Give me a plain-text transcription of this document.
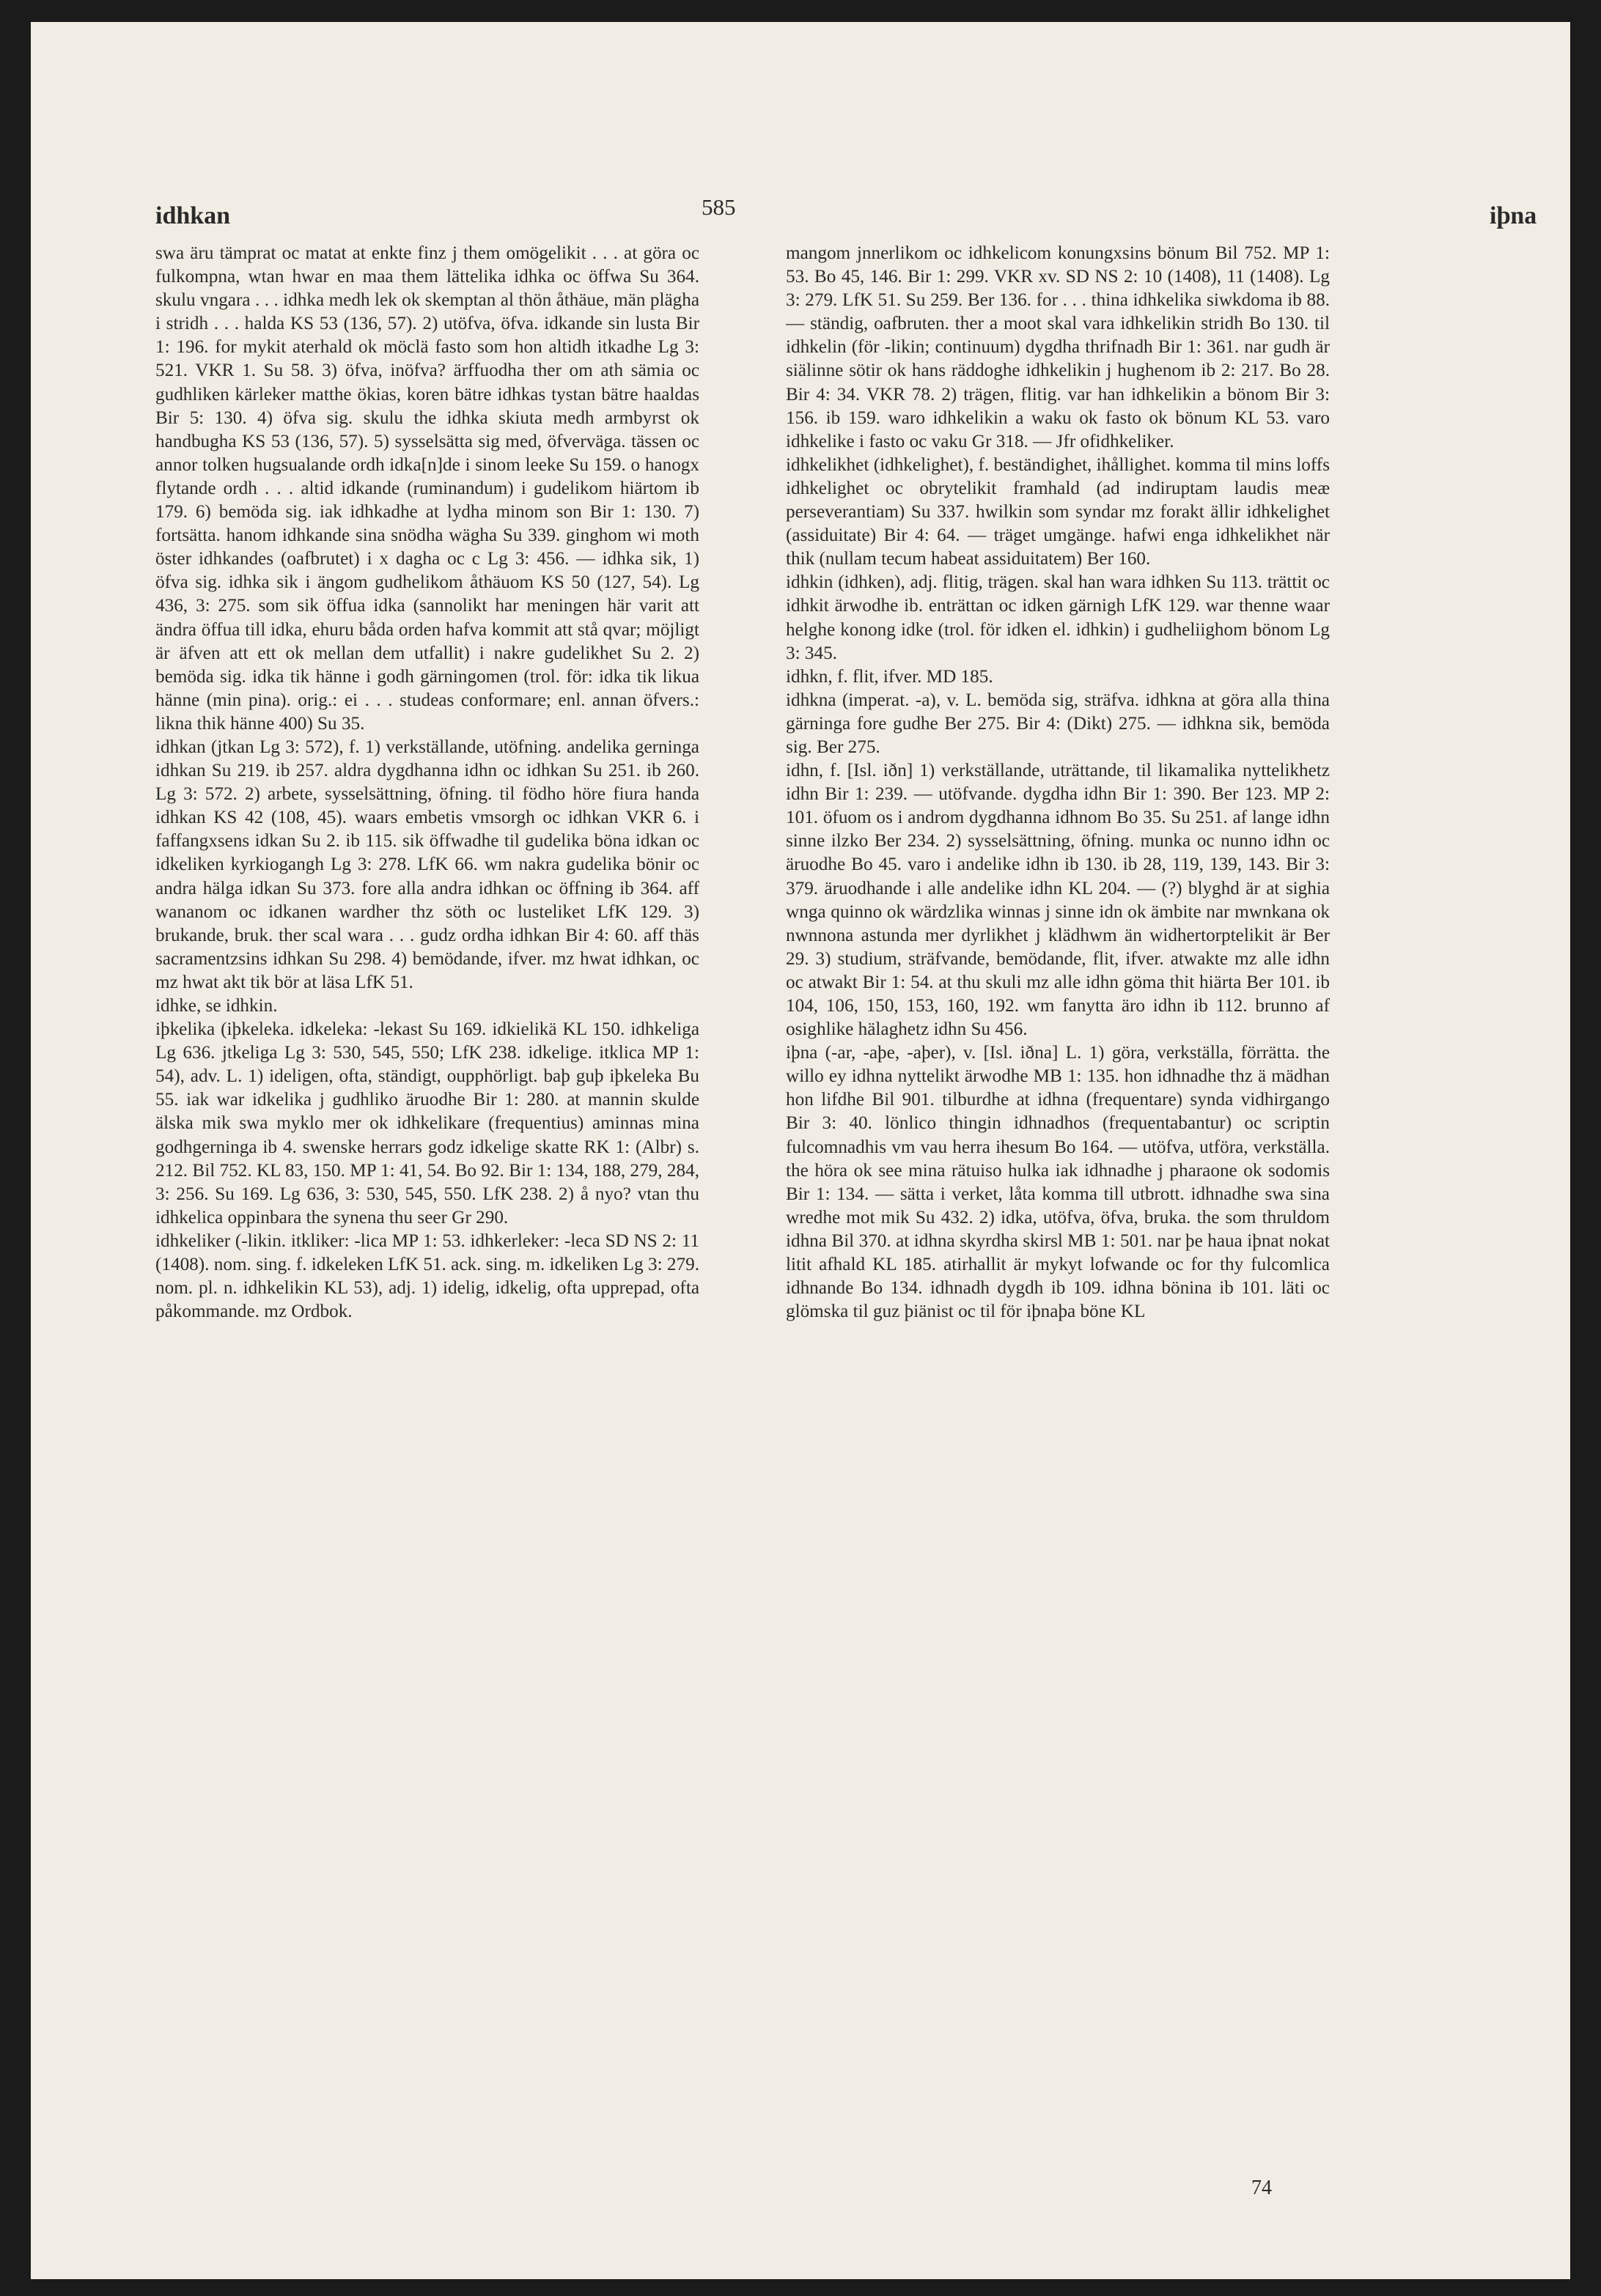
idhkan	585	iþna

swa äru tämprat oc matat at enkte finz j them omögelikit . . . at göra oc fulkompna, wtan hwar en maa them lättelika idhka oc öffwa Su 364. skulu vngara . . . idhka medh lek ok skemptan al thön åthäue, män plägha i stridh . . . halda KS 53 (136, 57). 2) utöfva, öfva. idkande sin lusta Bir 1: 196. for mykit aterhald ok möclä fasto som hon altidh itkadhe Lg 3: 521. VKR 1. Su 58. 3) öfva, inöfva? ärffuodha ther om ath sämia oc gudhliken kärleker matthe ökias, koren bätre idhkas tystan bätre haaldas Bir 5: 130. 4) öfva sig. skulu the idhka skiuta medh armbyrst ok handbugha KS 53 (136, 57). 5) sysselsätta sig med, öfverväga. tässen oc annor tolken hugsualande ordh idka[n]de i sinom leeke Su 159. o hanogx flytande ordh . . . altid idkande (ruminandum) i gudelikom hiärtom ib 179. 6) bemöda sig. iak idhkadhe at lydha minom son Bir 1: 130. 7) fortsätta. hanom idhkande sina snödha wägha Su 339. ginghom wi moth öster idhkandes (oafbrutet) i x dagha oc c Lg 3: 456. — idhka sik, 1) öfva sig. idhka sik i ängom gudhelikom åthäuom KS 50 (127, 54). Lg 436, 3: 275. som sik öffua idka (sannolikt har meningen här varit att ändra öffua till idka, ehuru båda orden hafva kommit att stå qvar; möjligt är äfven att ett ok mellan dem utfallit) i nakre gudelikhet Su 2. 2) bemöda sig. idka tik hänne i godh gärningomen (trol. för: idka tik likua hänne (min pina). orig.: ei . . . studeas conformare; enl. annan öfvers.: likna thik hänne 400) Su 35.

idhkan (jtkan Lg 3: 572), f. 1) verkställande, utöfning. andelika gerninga idhkan Su 219. ib 257. aldra dygdhanna idhn oc idhkan Su 251. ib 260. Lg 3: 572. 2) arbete, sysselsättning, öfning. til födho höre fiura handa idhkan KS 42 (108, 45). waars embetis vmsorgh oc idhkan VKR 6. i faffangxsens idkan Su 2. ib 115. sik öffwadhe til gudelika böna idkan oc idkeliken kyrkiogangh Lg 3: 278. LfK 66. wm nakra gudelika bönir oc andra hälga idkan Su 373. fore alla andra idhkan oc öffning ib 364. aff wananom oc idkanen wardher thz söth oc lusteliket LfK 129. 3) brukande, bruk. ther scal wara . . . gudz ordha idhkan Bir 4: 60. aff thäs sacramentzsins idhkan Su 298. 4) bemödande, ifver. mz hwat idhkan, oc mz hwat akt tik bör at läsa LfK 51.

idhke, se idhkin.

iþkelika (iþkeleka. idkeleka: -lekast Su 169. idkielikä KL 150. idhkeliga Lg 636. jtkeliga Lg 3: 530, 545, 550; LfK 238. idkelige. itklica MP 1: 54), adv. L. 1) ideligen, ofta, ständigt, oupphörligt. baþ guþ iþkeleka Bu 55. iak war idkelika j gudhliko äruodhe Bir 1: 280. at mannin skulde älska mik swa myklo mer ok idhkelikare (frequentius) aminnas mina godhgerninga ib 4. swenske herrars godz idkelige skatte RK 1: (Albr) s. 212. Bil 752. KL 83, 150. MP 1: 41, 54. Bo 92. Bir 1: 134, 188, 279, 284, 3: 256. Su 169. Lg 636, 3: 530, 545, 550. LfK 238. 2) å nyo? vtan thu idhkelica oppinbara the synena thu seer Gr 290.

idhkeliker (-likin. itkliker: -lica MP 1: 53. idhkerleker: -leca SD NS 2: 11 (1408). nom. sing. f. idkeleken LfK 51. ack. sing. m. idkeliken Lg 3: 279. nom. pl. n. idhkelikin KL 53), adj. 1) idelig, idkelig, ofta upprepad, ofta påkommande. mz Ordbok.

mangom jnnerlikom oc idhkelicom konungxsins bönum Bil 752. MP 1: 53. Bo 45, 146. Bir 1: 299. VKR xv. SD NS 2: 10 (1408), 11 (1408). Lg 3: 279. LfK 51. Su 259. Ber 136. for . . . thina idhkelika siwkdoma ib 88. — ständig, oafbruten. ther a moot skal vara idhkelikin stridh Bo 130. til idhkelin (för -likin; continuum) dygdha thrifnadh Bir 1: 361. nar gudh är siälinne sötir ok hans räddoghe idhkelikin j hughenom ib 2: 217. Bo 28. Bir 4: 34. VKR 78. 2) trägen, flitig. var han idhkelikin a bönom Bir 3: 156. ib 159. waro idhkelikin a waku ok fasto ok bönum KL 53. varo idhkelike i fasto oc vaku Gr 318. — Jfr ofidhkeliker.

idhkelikhet (idhkelighet), f. beständighet, ihållighet. komma til mins loffs idhkelighet oc obrytelikit framhald (ad indiruptam laudis meæ perseverantiam) Su 337. hwilkin som syndar mz forakt ällir idhkelighet (assiduitate) Bir 4: 64. — träget umgänge. hafwi enga idhkelikhet när thik (nullam tecum habeat assiduitatem) Ber 160.

idhkin (idhken), adj. flitig, trägen. skal han wara idhken Su 113. trättit oc idhkit ärwodhe ib. enträttan oc idken gärnigh LfK 129. war thenne waar helghe konong idke (trol. för idken el. idhkin) i gudheliighom bönom Lg 3: 345.

idhkn, f. flit, ifver. MD 185.

idhkna (imperat. -a), v. L. bemöda sig, sträfva. idhkna at göra alla thina gärninga fore gudhe Ber 275. Bir 4: (Dikt) 275. — idhkna sik, bemöda sig. Ber 275.

idhn, f. [Isl. iðn] 1) verkställande, uträttande, til likamalika nyttelikhetz idhn Bir 1: 239. — utöfvande. dygdha idhn Bir 1: 390. Ber 123. MP 2: 101. öfuom os i androm dygdhanna idhnom Bo 35. Su 251. af lange idhn sinne ilzko Ber 234. 2) sysselsättning, öfning. munka oc nunno idhn oc äruodhe Bo 45. varo i andelike idhn ib 130. ib 28, 119, 139, 143. Bir 3: 379. äruodhande i alle andelike idhn KL 204. — (?) blyghd är at sighia wnga quinno ok wärdzlika winnas j sinne idn ok ämbite nar mwnkana ok nwnnona astunda mer dyrlikhet j klädhwm än widhertorptelikit är Ber 29. 3) studium, sträfvande, bemödande, flit, ifver. atwakte mz alle idhn oc atwakt Bir 1: 54. at thu skuli mz alle idhn göma thit hiärta Ber 101. ib 104, 106, 150, 153, 160, 192. wm fanytta äro idhn ib 112. brunno af osighlike hälaghetz idhn Su 456.

iþna (-ar, -aþe, -aþer), v. [Isl. iðna] L. 1) göra, verkställa, förrätta. the willo ey idhna nyttelikt ärwodhe MB 1: 135. hon idhnadhe thz ä mädhan hon lifdhe Bil 901. tilburdhe at idhna (frequentare) synda vidhirgango Bir 3: 40. lönlico thingin idhnadhos (frequentabantur) oc scriptin fulcomnadhis vm vau herra ihesum Bo 164. — utöfva, utföra, verkställa. the höra ok see mina rätuiso hulka iak idhnadhe j pharaone ok sodomis Bir 1: 134. — sätta i verket, låta komma till utbrott. idhnadhe swa sina wredhe mot mik Su 432. 2) idka, utöfva, öfva, bruka. the som thruldom idhna Bil 370. at idhna skyrdha skirsl MB 1: 501. nar þe haua iþnat nokat litit afhald KL 185. atirhallit är mykyt lofwande oc for thy fulcomlica idhnande Bo 134. idhnadh dygdh ib 109. idhna bönina ib 101. läti oc glömska til guz þiänist oc til för iþnaþa böne KL

74
